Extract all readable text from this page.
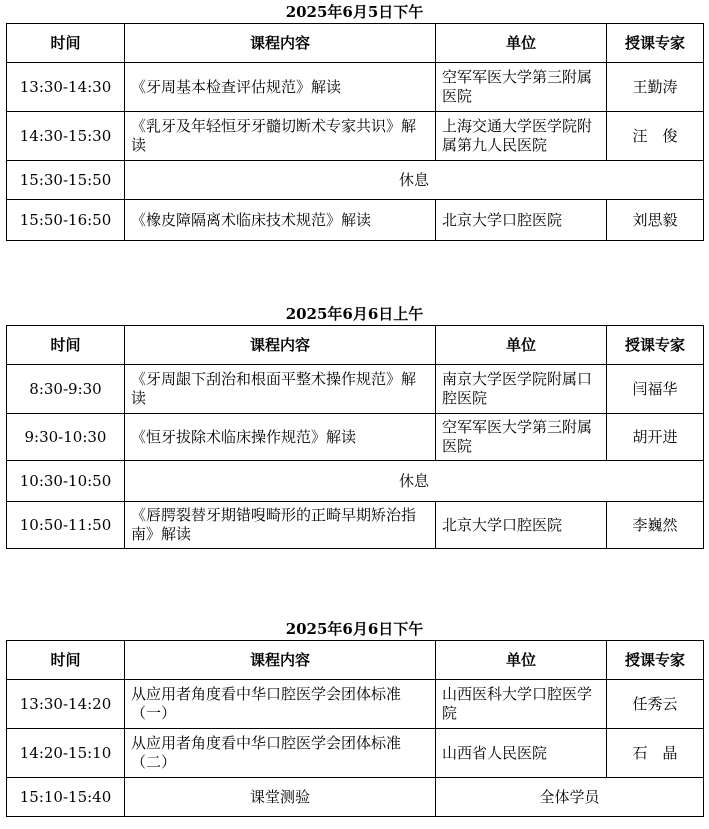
2025年6月5日下午
时间	课程内容	单位	授课专家
13:30-14:30	《牙周基本检查评估规范》解读	空军军医大学第三附属医院	王勤涛
14:30-15:30	《乳牙及年轻恒牙牙髓切断术专家共识》解读	上海交通大学医学院附属第九人民医院	汪　俊
15:30-15:50	休息		
15:50-16:50	《橡皮障隔离术临床技术规范》解读	北京大学口腔医院	刘思毅
2025年6月6日上午
时间	课程内容	单位	授课专家
8:30-9:30	《牙周龈下刮治和根面平整术操作规范》解读	南京大学医学院附属口腔医院	闫福华
9:30-10:30	《恒牙拔除术临床操作规范》解读	空军军医大学第三附属医院	胡开进
10:30-10:50	休息		
10:50-11:50	《唇腭裂替牙期错㖬畸形的正畸早期矫治指南》解读	北京大学口腔医院	李巍然
2025年6月6日下午
时间	课程内容	单位	授课专家
13:30-14:20	从应用者角度看中华口腔医学会团体标准（一）	山西医科大学口腔医学院	任秀云
14:20-15:10	从应用者角度看中华口腔医学会团体标准（二）	山西省人民医院	石　晶
15:10-15:40	课堂测验	全体学员	
